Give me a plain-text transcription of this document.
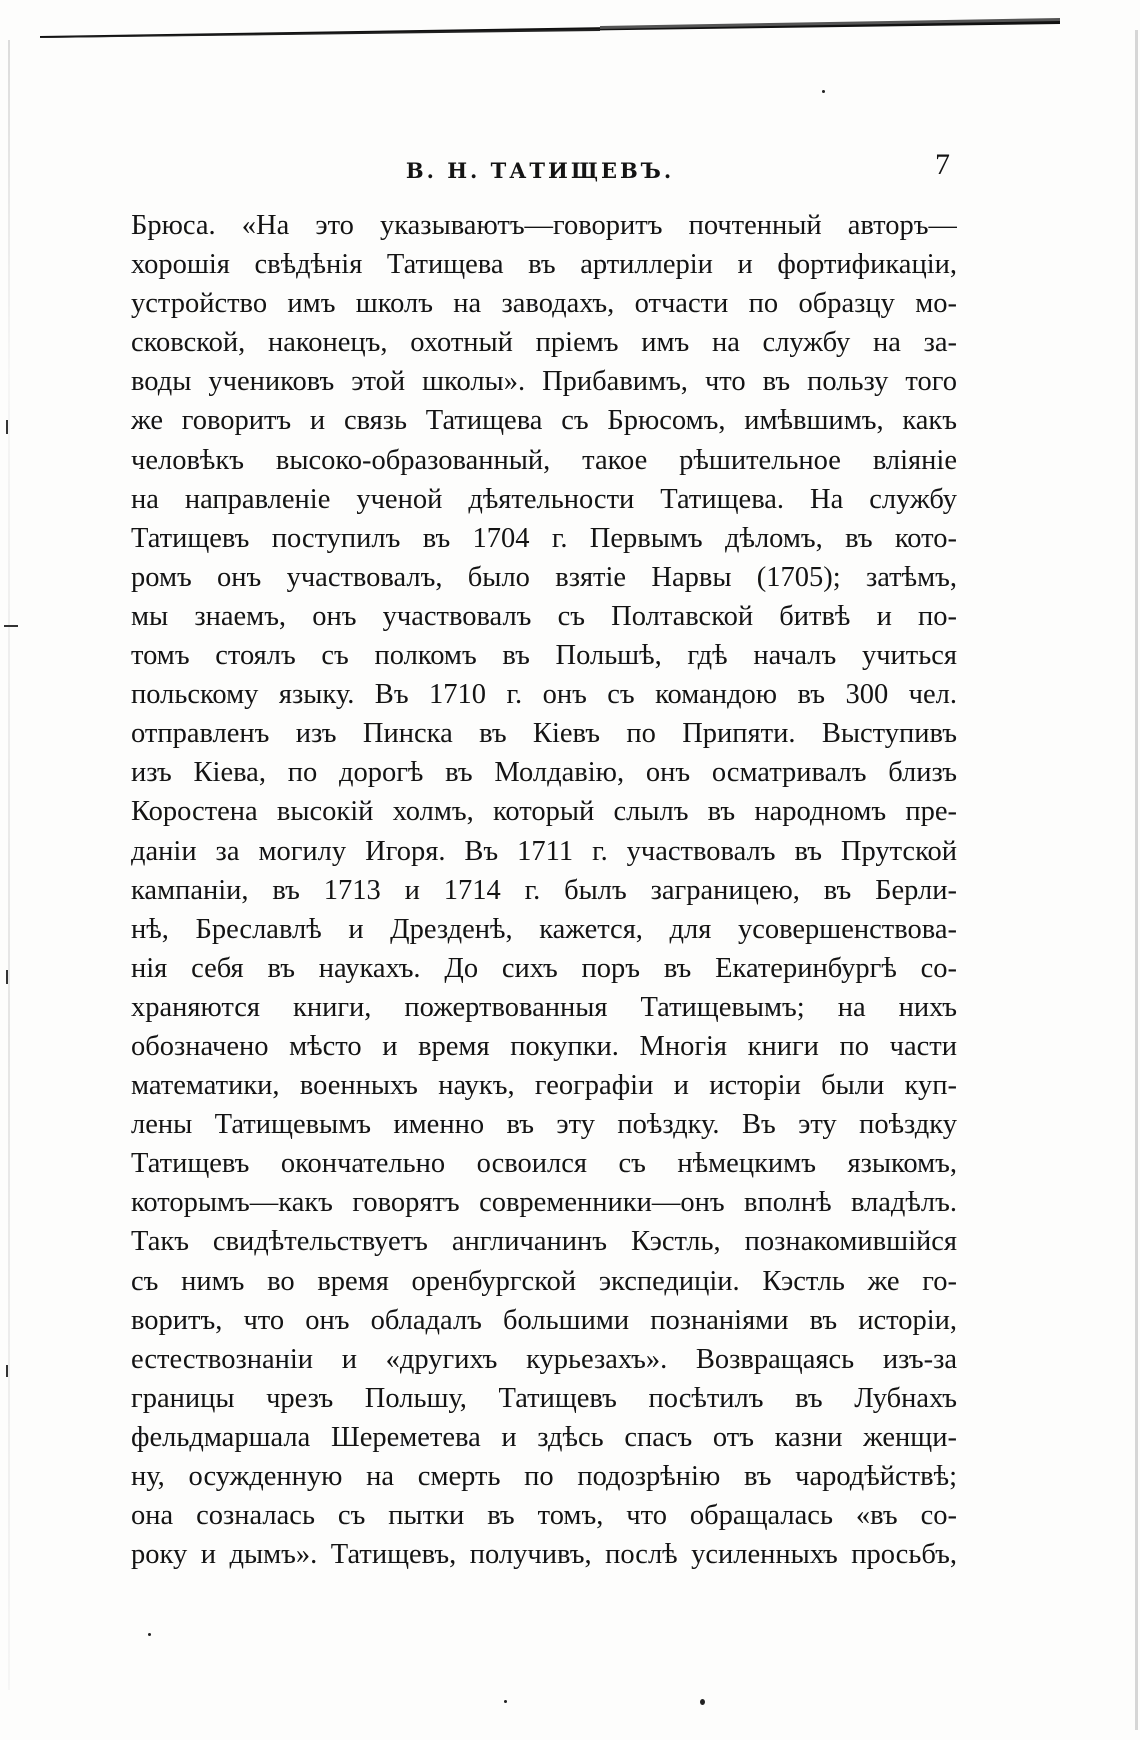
В. Н. ТАТИЩЕВЪ.	7
Брюса. «На это указываютъ—говоритъ почтенный авторъ—
хорошія свѣдѣнія Татищева въ артиллеріи и фортификаціи,
устройство имъ школъ на заводахъ, отчасти по образцу мо-
сковской, наконецъ, охотный пріемъ имъ на службу на за-
воды учениковъ этой школы». Прибавимъ, что въ пользу того
же говоритъ и связь Татищева съ Брюсомъ, имѣвшимъ, какъ
человѣкъ высоко-образованный, такое рѣшительное вліяніе
на направленіе ученой дѣятельности Татищева. На службу
Татищевъ поступилъ въ 1704 г. Первымъ дѣломъ, въ кото-
ромъ онъ участвовалъ, было взятіе Нарвы (1705); затѣмъ,
мы знаемъ, онъ участвовалъ съ Полтавской битвѣ и по-
томъ стоялъ съ полкомъ въ Польшѣ, гдѣ началъ учиться
польскому языку. Въ 1710 г. онъ съ командою въ 300 чел.
отправленъ изъ Пинска въ Кіевъ по Припяти. Выступивъ
изъ Кіева, по дорогѣ въ Молдавію, онъ осматривалъ близъ
Коростена высокій холмъ, который слылъ въ народномъ пре-
даніи за могилу Игоря. Въ 1711 г. участвовалъ въ Прутской
кампаніи, въ 1713 и 1714 г. былъ заграницею, въ Берли-
нѣ, Бреславлѣ и Дрезденѣ, кажется, для усовершенствова-
нія себя въ наукахъ. До сихъ поръ въ Екатеринбургѣ со-
храняются книги, пожертвованныя Татищевымъ; на нихъ
обозначено мѣсто и время покупки. Многія книги по части
математики, военныхъ наукъ, географіи и исторіи были куп-
лены Татищевымъ именно въ эту поѣздку. Въ эту поѣздку
Татищевъ окончательно освоился съ нѣмецкимъ языкомъ,
которымъ—какъ говорятъ современники—онъ вполнѣ владѣлъ.
Такъ свидѣтельствуетъ англичанинъ Кэстль, познакомившійся
съ нимъ во время оренбургской экспедиціи. Кэстль же го-
воритъ, что онъ обладалъ большими познаніями въ исторіи,
естествознаніи и «другихъ курьезахъ». Возвращаясь изъ-за
границы чрезъ Польшу, Татищевъ посѣтилъ въ Лубнахъ
фельдмаршала Шереметева и здѣсь спасъ отъ казни женщи-
ну, осужденную на смерть по подозрѣнію въ чародѣйствѣ;
она созналась съ пытки въ томъ, что обращалась «въ со-
року и дымъ». Татищевъ, получивъ, послѣ усиленныхъ просьбъ,
